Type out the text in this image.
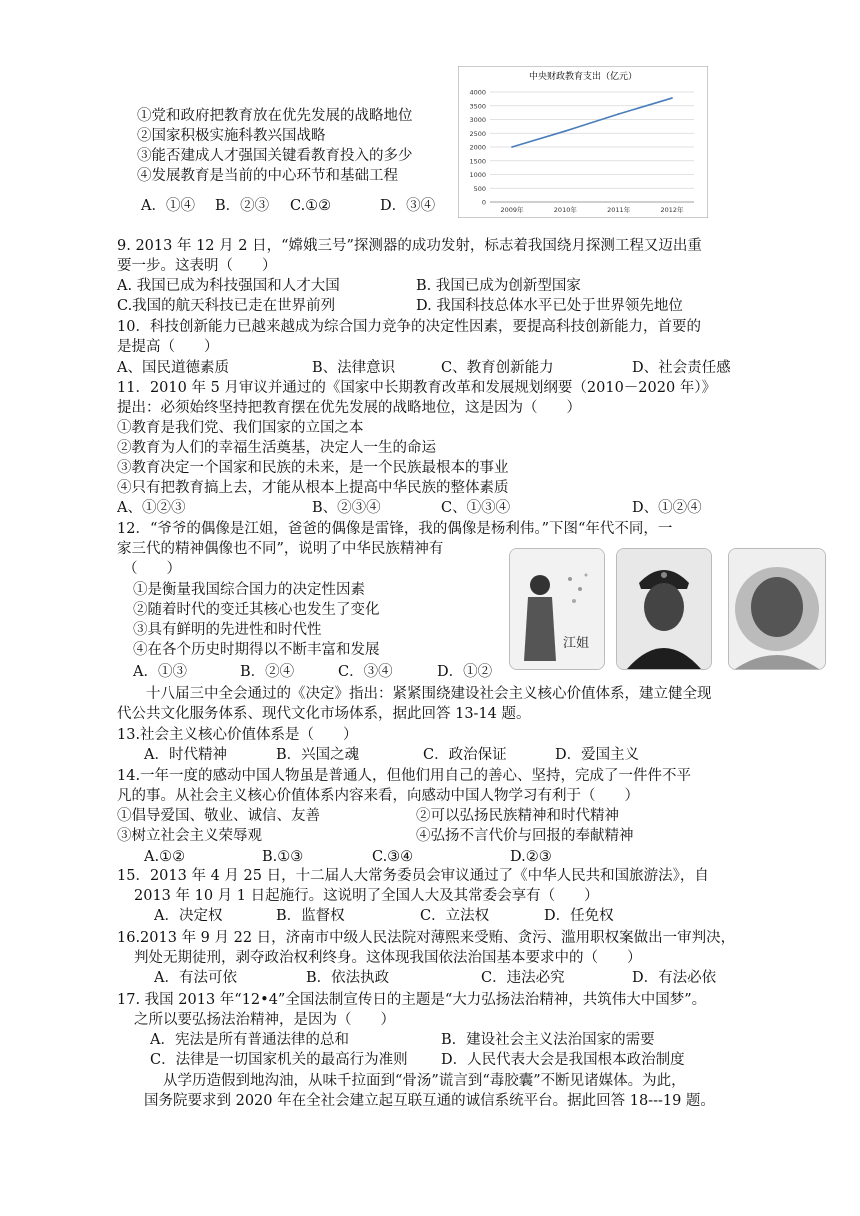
中央财政教育支出（亿元）
0
500
1000
1500
2000
2500
3000
3500
4000
2009年	2010年	2011年	2012年
①党和政府把教育放在优先发展的战略地位
②国家积极实施科教兴国战略
③能否建成人才强国关键看教育投入的多少
④发展教育是当前的中心环节和基础工程
A．①④ B．②③ C.①②	D．③④
9. 2013 年 12 月 2 日，“嫦娥三号”探测器的成功发射，标志着我国绕月探测工程又迈出重
要一步。这表明（　　）
A. 我国已成为科技强国和人才大国	B. 我国已成为创新型国家
C.我国的航天科技已走在世界前列	D. 我国科技总体水平已处于世界领先地位
10．科技创新能力已越来越成为综合国力竞争的决定性因素，要提高科技创新能力，首要的
是提高（　　）
A、国民道德素质	B、法律意识	C、教育创新能力	D、社会责任感
11．2010 年 5 月审议并通过的《国家中长期教育改革和发展规划纲要（2010－2020 年）》
提出：必须始终坚持把教育摆在优先发展的战略地位，这是因为（　　）
①教育是我们党、我们国家的立国之本
②教育为人们的幸福生活奠基，决定人一生的命运
③教育决定一个国家和民族的未来，是一个民族最根本的事业
④只有把教育搞上去，才能从根本上提高中华民族的整体素质
A、①②③	B、②③④	C、①③④	D、①②④
12．“爷爷的偶像是江姐，爸爸的偶像是雷锋，我的偶像是杨利伟。”下图“年代不同，一
家三代的精神偶像也不同”，说明了中华民族精神有
（　　）
①是衡量我国综合国力的决定性因素
②随着时代的变迁其核心也发生了变化
③具有鲜明的先进性和时代性
④在各个历史时期得以不断丰富和发展
A．①③	B．②④	C．③④	D．①②
江姐
十八届三中全会通过的《决定》指出：紧紧围绕建设社会主义核心价值体系，建立健全现
代公共文化服务体系、现代文化市场体系，据此回答 13-14 题。
13.社会主义核心价值体系是（　　）
A．时代精神	B．兴国之魂	C．政治保证	D．爱国主义
14.一年一度的感动中国人物虽是普通人，但他们用自己的善心、坚持，完成了一件件不平
凡的事。从社会主义核心价值体系内容来看，向感动中国人物学习有利于（　　）
①倡导爱国、敬业、诚信、友善	②可以弘扬民族精神和时代精神
③树立社会主义荣辱观	④弘扬不言代价与回报的奉献精神
A.①②	B.①③	C.③④	D.②③
15．2013 年 4 月 25 日，十二届人大常务委员会审议通过了《中华人民共和国旅游法》，自
2013 年 10 月 1 日起施行。这说明了全国人大及其常委会享有（　　）
A．决定权	B．监督权	C．立法权	D．任免权
16.2013 年 9 月 22 日，济南市中级人民法院对薄熙来受贿、贪污、滥用职权案做出一审判决，
判处无期徒刑，剥夺政治权利终身。这体现我国依法治国基本要求中的（　　）
A．有法可依	B．依法执政	C．违法必究	D．有法必依
17. 我国 2013 年“12•4”全国法制宣传日的主题是“大力弘扬法治精神，共筑伟大中国梦”。
之所以要弘扬法治精神，是因为（　　）
A．宪法是所有普通法律的总和	B．建设社会主义法治国家的需要
C．法律是一切国家机关的最高行为准则 D．人民代表大会是我国根本政治制度
从学历造假到地沟油，从味千拉面到“骨汤”谎言到“毒胶囊”不断见诸媒体。为此，
国务院要求到 2020 年在全社会建立起互联互通的诚信系统平台。据此回答 18---19 题。
